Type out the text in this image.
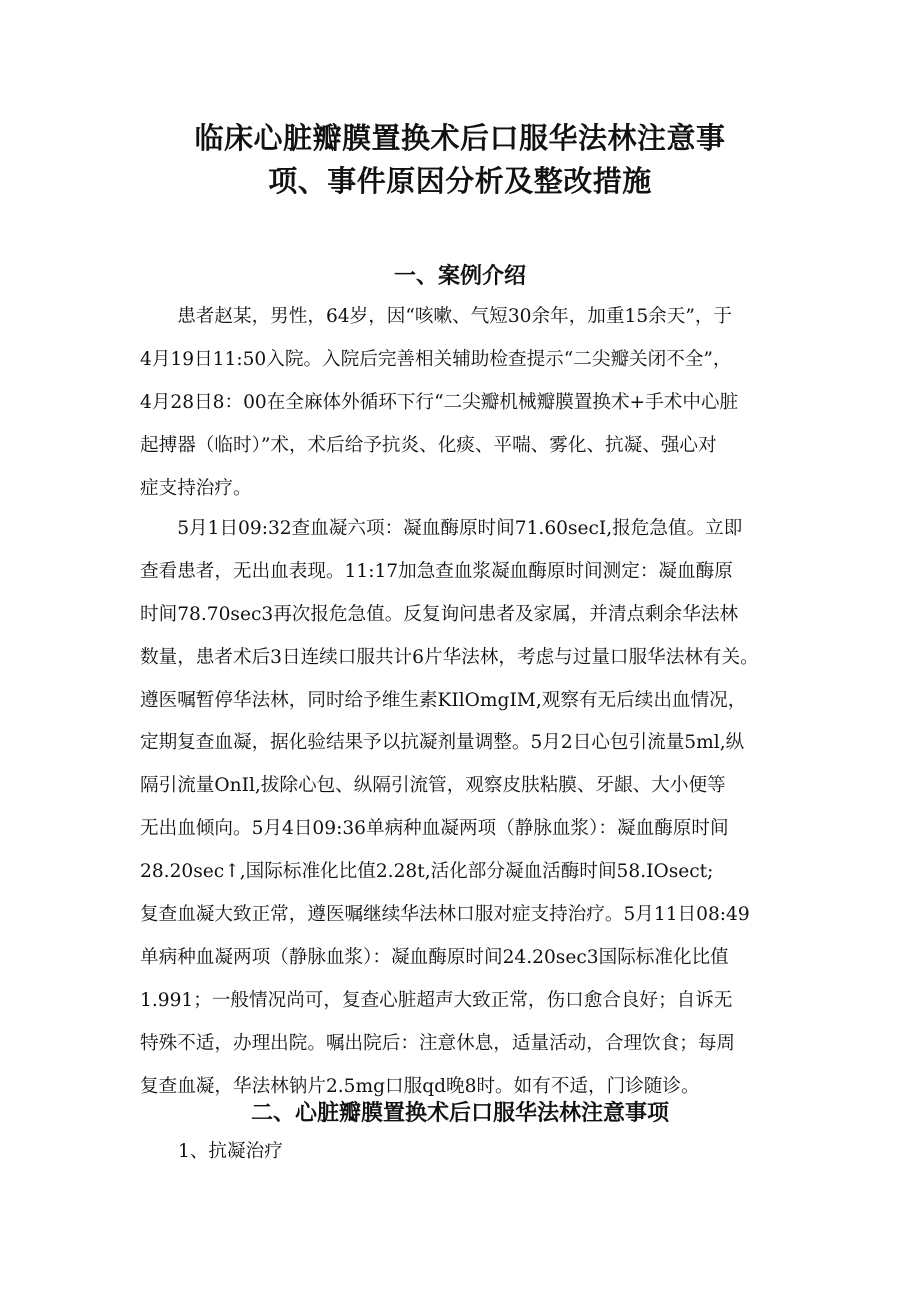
临床心脏瓣膜置换术后口服华法林注意事
项、事件原因分析及整改措施
一、案例介绍
　　患者赵某，男性，64岁，因“咳嗽、气短30余年，加重15余天”，于
4月19日11:50入院。入院后完善相关辅助检查提示“二尖瓣关闭不全”，
4月28日8：00在全麻体外循环下行“二尖瓣机械瓣膜置换术+手术中心脏
起搏器（临时）”术，术后给予抗炎、化痰、平喘、雾化、抗凝、强心对
症支持治疗。
　　5月1日09:32查血凝六项：凝血酶原时间71.60secI,报危急值。立即
查看患者，无出血表现。11:17加急查血浆凝血酶原时间测定：凝血酶原
时间78.70sec3再次报危急值。反复询问患者及家属，并清点剩余华法林
数量，患者术后3日连续口服共计6片华法林，考虑与过量口服华法林有关。
遵医嘱暂停华法林，同时给予维生素KIlOmgIM,观察有无后续出血情况，
定期复查血凝，据化验结果予以抗凝剂量调整。5月2日心包引流量5ml,纵
隔引流量OnIl,拔除心包、纵隔引流管，观察皮肤粘膜、牙龈、大小便等
无出血倾向。5月4日09:36单病种血凝两项（静脉血浆）：凝血酶原时间
28.20sec↑,国际标准化比值2.28t,活化部分凝血活酶时间58.IOsect;
复查血凝大致正常，遵医嘱继续华法林口服对症支持治疗。5月11日08:49
单病种血凝两项（静脉血浆）：凝血酶原时间24.20sec3国际标准化比值
1.991；一般情况尚可，复查心脏超声大致正常，伤口愈合良好；自诉无
特殊不适，办理出院。嘱出院后：注意休息，适量活动，合理饮食；每周
复查血凝，华法林钠片2.5mg口服qd晚8时。如有不适，门诊随诊。
二、心脏瓣膜置换术后口服华法林注意事项

1、抗凝治疗
